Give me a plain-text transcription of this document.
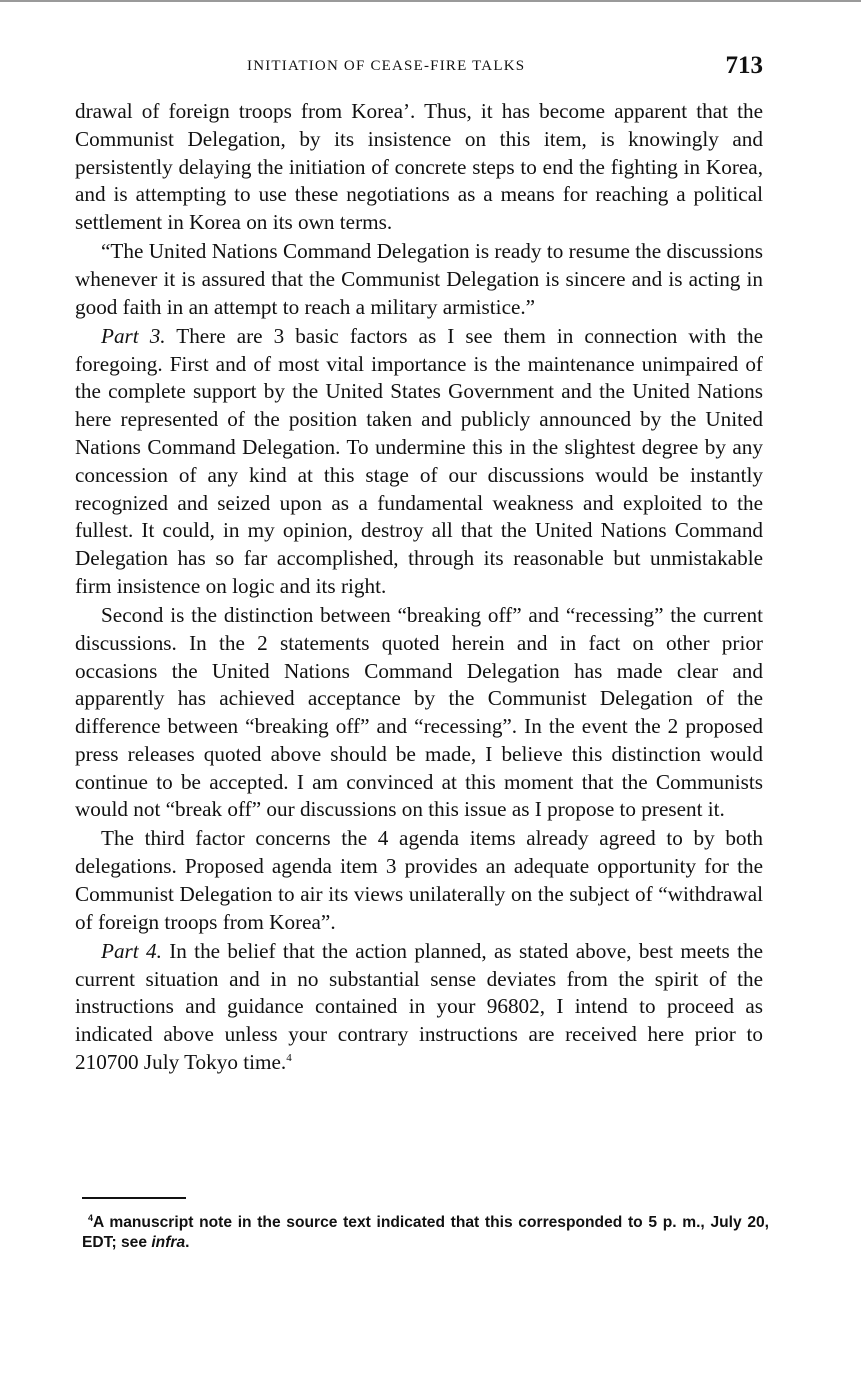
INITIATION OF CEASE-FIRE TALKS	713

drawal of foreign troops from Korea’. Thus, it has become apparent that the Communist Delegation, by its insistence on this item, is knowingly and persistently delaying the initiation of concrete steps to end the fighting in Korea, and is attempting to use these negotiations as a means for reaching a political settlement in Korea on its own terms.

“The United Nations Command Delegation is ready to resume the discussions whenever it is assured that the Communist Delegation is sincere and is acting in good faith in an attempt to reach a military armistice.”

Part 3. There are 3 basic factors as I see them in connection with the foregoing. First and of most vital importance is the maintenance unimpaired of the complete support by the United States Government and the United Nations here represented of the position taken and publicly announced by the United Nations Command Delegation. To undermine this in the slightest degree by any concession of any kind at this stage of our discussions would be instantly recognized and seized upon as a fundamental weakness and exploited to the fullest. It could, in my opinion, destroy all that the United Nations Command Delegation has so far accomplished, through its reasonable but unmistakable firm insistence on logic and its right.

Second is the distinction between “breaking off” and “recessing” the current discussions. In the 2 statements quoted herein and in fact on other prior occasions the United Nations Command Delegation has made clear and apparently has achieved acceptance by the Communist Delegation of the difference between “breaking off” and “recessing”. In the event the 2 proposed press releases quoted above should be made, I believe this distinction would continue to be accepted. I am convinced at this moment that the Communists would not “break off” our discussions on this issue as I propose to present it.

The third factor concerns the 4 agenda items already agreed to by both delegations. Proposed agenda item 3 provides an adequate opportunity for the Communist Delegation to air its views unilaterally on the subject of “withdrawal of foreign troops from Korea”.

Part 4. In the belief that the action planned, as stated above, best meets the current situation and in no substantial sense deviates from the spirit of the instructions and guidance contained in your 96802, I intend to proceed as indicated above unless your contrary instructions are received here prior to 210700 July Tokyo time.$^4$

$^4$A manuscript note in the source text indicated that this corresponded to 5 p. m., July 20, EDT; see infra.
